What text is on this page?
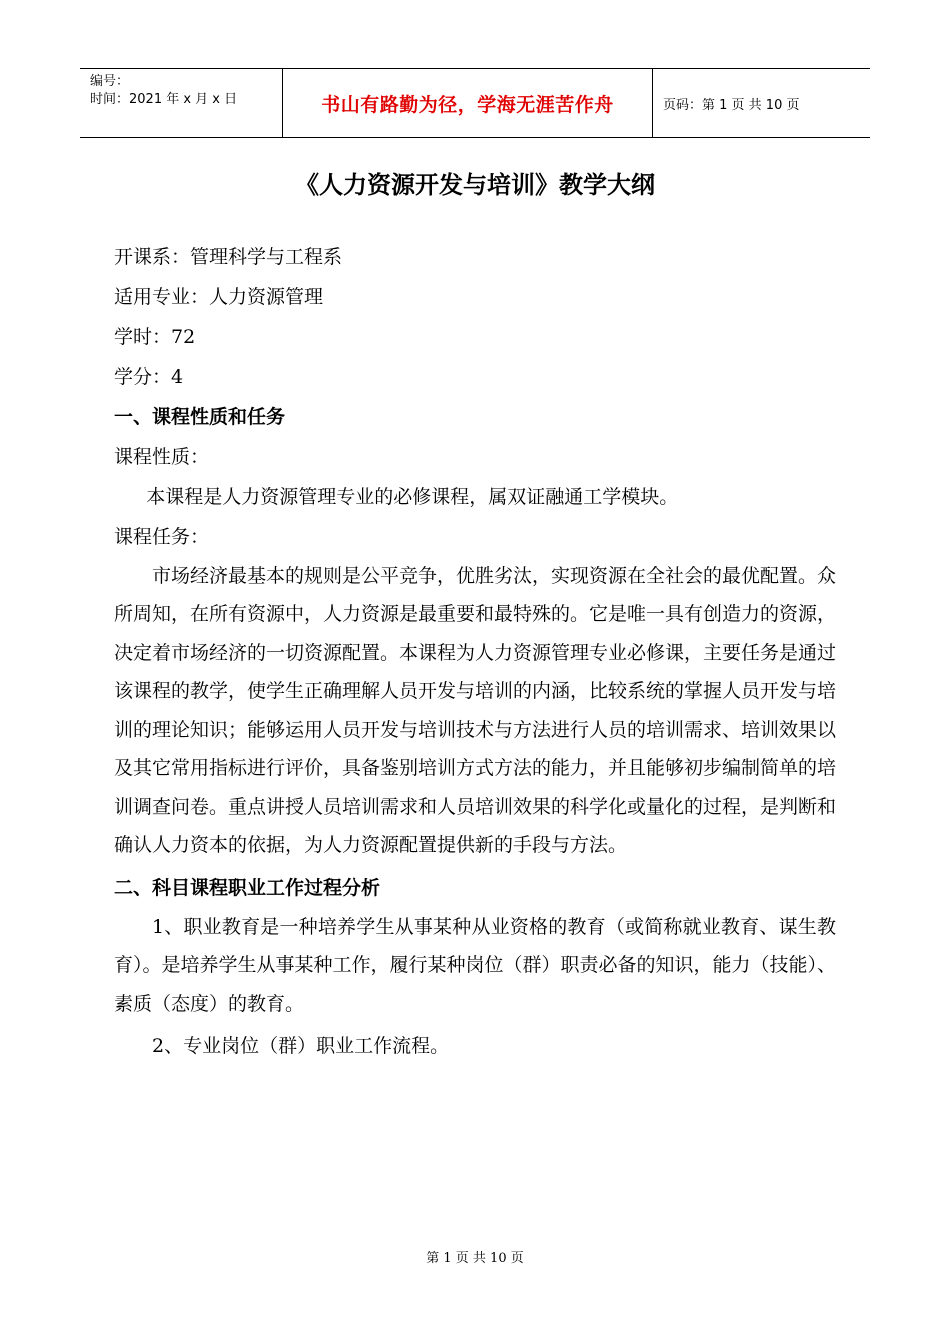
编号：
时间：2021 年 x 月 x 日	书山有路勤为径，学海无涯苦作舟	页码：第 1 页 共 10 页
《人力资源开发与培训》教学大纲
开课系：管理科学与工程系
适用专业：人力资源管理
学时：72
学分：4
一、课程性质和任务
课程性质：
本课程是人力资源管理专业的必修课程，属双证融通工学模块。
课程任务：
市场经济最基本的规则是公平竞争，优胜劣汰，实现资源在全社会的最优配置。众所周知，在所有资源中，人力资源是最重要和最特殊的。它是唯一具有创造力的资源，决定着市场经济的一切资源配置。本课程为人力资源管理专业必修课，主要任务是通过该课程的教学，使学生正确理解人员开发与培训的内涵，比较系统的掌握人员开发与培训的理论知识；能够运用人员开发与培训技术与方法进行人员的培训需求、培训效果以及其它常用指标进行评价，具备鉴别培训方式方法的能力，并且能够初步编制简单的培训调查问卷。重点讲授人员培训需求和人员培训效果的科学化或量化的过程，是判断和确认人力资本的依据，为人力资源配置提供新的手段与方法。
二、科目课程职业工作过程分析
1、职业教育是一种培养学生从事某种从业资格的教育（或简称就业教育、谋生教育）。是培养学生从事某种工作，履行某种岗位（群）职责必备的知识，能力（技能）、素质（态度）的教育。
2、专业岗位（群）职业工作流程。
第 1 页 共 10 页
